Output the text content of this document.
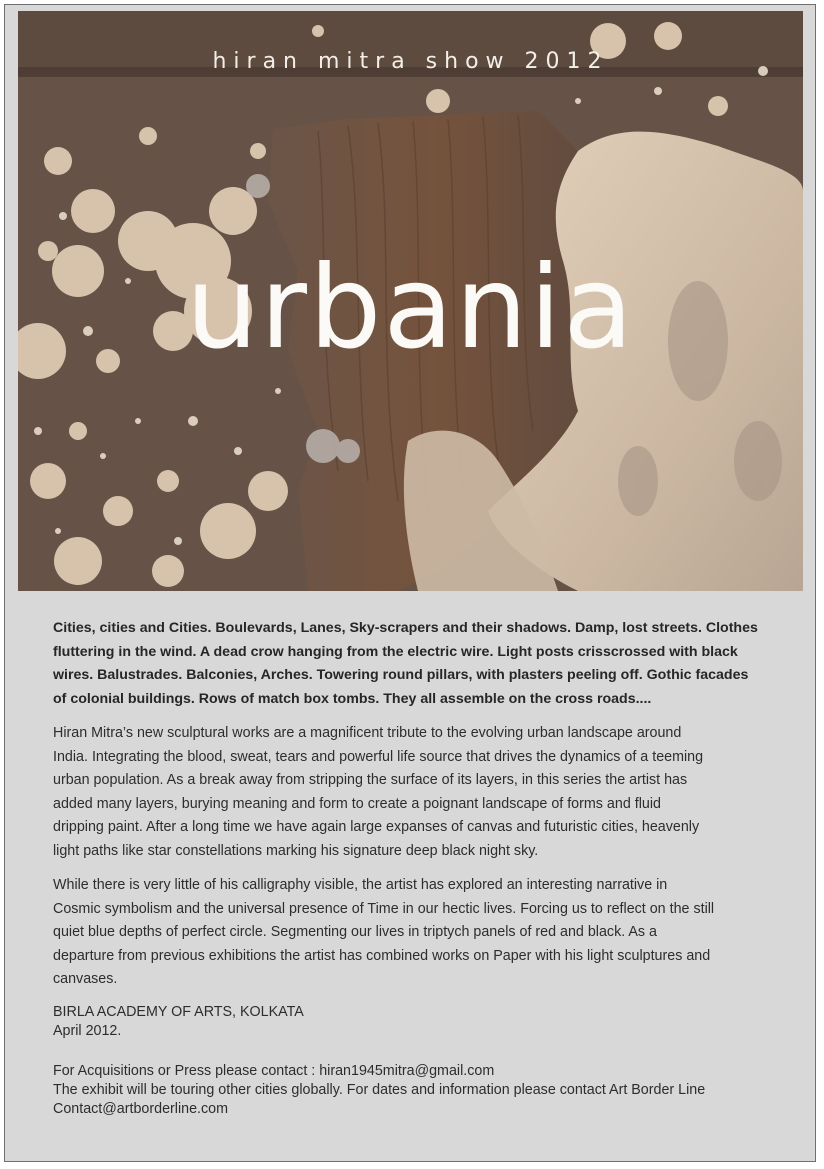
hiran mitra show 2012
urbania

Cities, cities and Cities. Boulevards, Lanes, Sky-scrapers and their shadows. Damp, lost streets. Clothes
fluttering in the wind. A dead crow hanging from the electric wire. Light posts crisscrossed with black
wires. Balustrades. Balconies, Arches. Towering round pillars, with plasters peeling off. Gothic facades
of colonial buildings. Rows of match box tombs. They all assemble on the cross roads....

Hiran Mitra’s new sculptural works are a magnificent tribute to the evolving urban landscape around
India. Integrating the blood, sweat, tears and powerful life source that drives the dynamics of a teeming
urban population. As a break away from stripping the surface of its layers, in this series the artist has
added many layers, burying meaning and form to create a poignant landscape of forms and fluid
dripping paint. After a long time we have again large expanses of canvas and futuristic cities, heavenly
light paths like star constellations marking his signature deep black night sky.

While there is very little of his calligraphy visible, the artist has explored an interesting narrative in
Cosmic symbolism and the universal presence of Time in our hectic lives. Forcing us to reflect on the still
quiet blue depths of perfect circle. Segmenting our lives in triptych panels of red and black. As a
departure from previous exhibitions the artist has combined works on Paper with his light sculptures and
canvases.

BIRLA ACADEMY OF ARTS, KOLKATA
April 2012.

For Acquisitions or Press please contact : hiran1945mitra@gmail.com
The exhibit will be touring other cities globally. For dates and information please contact Art Border Line
Contact@artborderline.com
